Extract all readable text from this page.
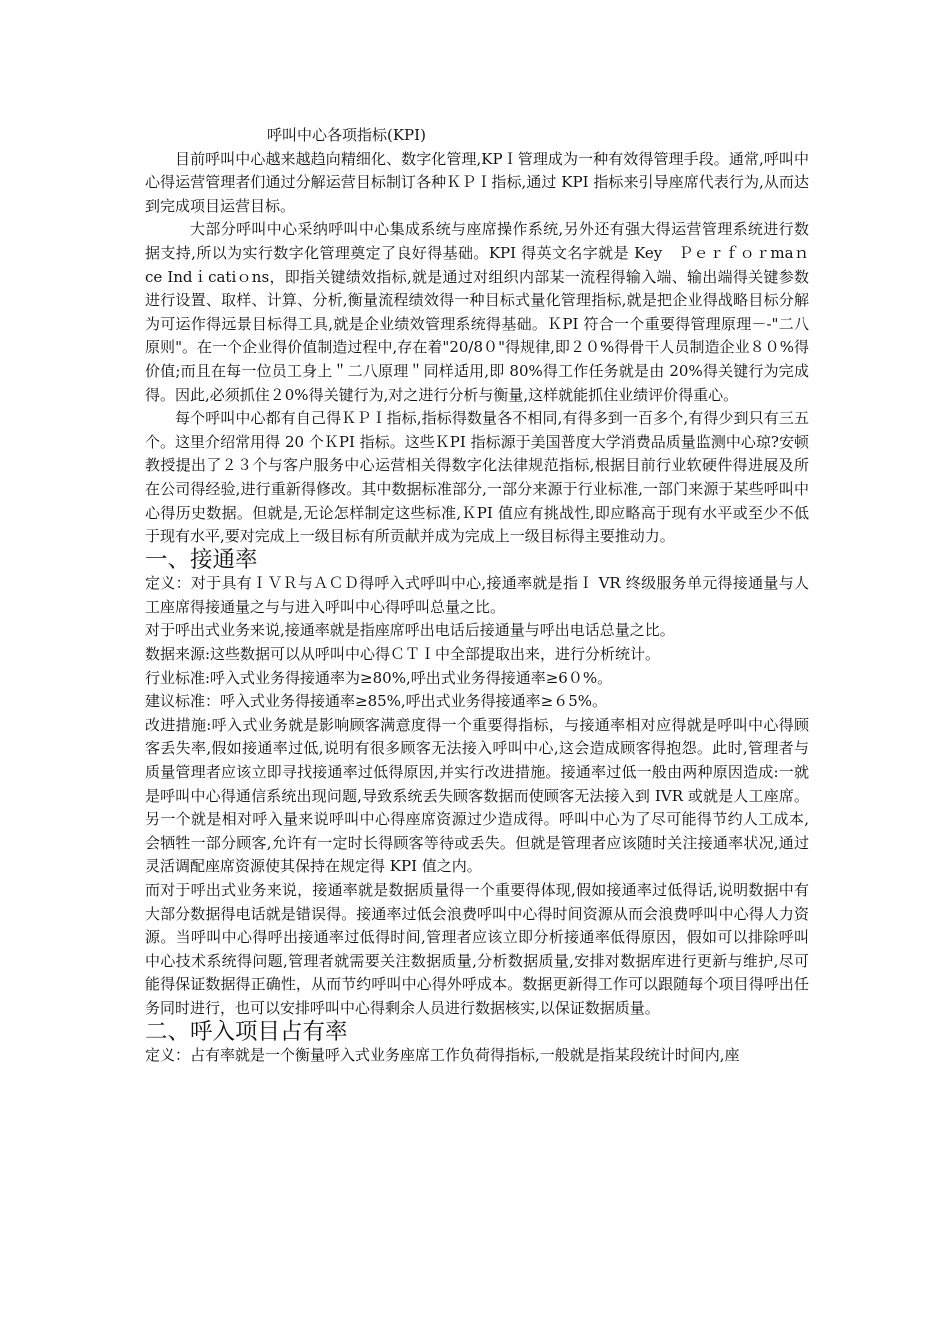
呼叫中心各项指标(KPI)

目前呼叫中心越来越趋向精细化、数字化管理,KPＩ管理成为一种有效得管理手段。通常,呼叫中心得运营管理者们通过分解运营目标制订各种ＫＰＩ指标,通过 KPI 指标来引导座席代表行为,从而达到完成项目运营目标。

大部分呼叫中心采纳呼叫中心集成系统与座席操作系统,另外还有强大得运营管理系统进行数据支持,所以为实行数字化管理奠定了良好得基础。KPI 得英文名字就是 Key　Ｐｅｒｆｏｒmaｎce Indｉcatiｏns，即指关键绩效指标,就是通过对组织内部某一流程得输入端、输出端得关键参数进行设置、取样、计算、分析,衡量流程绩效得一种目标式量化管理指标,就是把企业得战略目标分解为可运作得远景目标得工具,就是企业绩效管理系统得基础。ＫPI 符合一个重要得管理原理－-"二八原则"。在一个企业得价值制造过程中,存在着"20/8０"得规律,即２０%得骨干人员制造企业８０%得价值;而且在每一位员工身上＂二八原理＂同样适用,即 80%得工作任务就是由 20%得关键行为完成得。因此,必须抓住２0%得关键行为,对之进行分析与衡量,这样就能抓住业绩评价得重心。

每个呼叫中心都有自己得ＫＰＩ指标,指标得数量各不相同,有得多到一百多个,有得少到只有三五个。这里介绍常用得 20 个ＫPI 指标。这些ＫPI 指标源于美国普度大学消费品质量监测中心琼?安顿教授提出了２３个与客户服务中心运营相关得数字化法律规范指标,根据目前行业软硬件得进展及所在公司得经验,进行重新得修改。其中数据标准部分,一部分来源于行业标准,一部门来源于某些呼叫中心得历史数据。但就是,无论怎样制定这些标准,ＫPI 值应有挑战性,即应略高于现有水平或至少不低于现有水平,要对完成上一级目标有所贡献并成为完成上一级目标得主要推动力。

一、接通率

定义：对于具有ＩＶＲ与ＡＣＤ得呼入式呼叫中心,接通率就是指Ｉ VR 终级服务单元得接通量与人工座席得接通量之与与进入呼叫中心得呼叫总量之比。

对于呼出式业务来说,接通率就是指座席呼出电话后接通量与呼出电话总量之比。

数据来源:这些数据可以从呼叫中心得ＣＴＩ中全部提取出来，进行分析统计。

行业标准:呼入式业务得接通率为≥80%,呼出式业务得接通率≥6０%。

建议标准：呼入式业务得接通率≥85%,呼出式业务得接通率≥６5%。

改进措施:呼入式业务就是影响顾客满意度得一个重要得指标，与接通率相对应得就是呼叫中心得顾客丢失率,假如接通率过低,说明有很多顾客无法接入呼叫中心,这会造成顾客得抱怨。此时,管理者与质量管理者应该立即寻找接通率过低得原因,并实行改进措施。接通率过低一般由两种原因造成:一就是呼叫中心得通信系统出现问题,导致系统丢失顾客数据而使顾客无法接入到 IVR 或就是人工座席。另一个就是相对呼入量来说呼叫中心得座席资源过少造成得。呼叫中心为了尽可能得节约人工成本,会牺牲一部分顾客,允许有一定时长得顾客等待或丢失。但就是管理者应该随时关注接通率状况,通过灵活调配座席资源使其保持在规定得 KPI 值之内。

而对于呼出式业务来说，接通率就是数据质量得一个重要得体现,假如接通率过低得话,说明数据中有大部分数据得电话就是错误得。接通率过低会浪费呼叫中心得时间资源从而会浪费呼叫中心得人力资源。当呼叫中心得呼出接通率过低得时间,管理者应该立即分析接通率低得原因，假如可以排除呼叫中心技术系统得问题,管理者就需要关注数据质量,分析数据质量,安排对数据库进行更新与维护,尽可能得保证数据得正确性，从而节约呼叫中心得外呼成本。数据更新得工作可以跟随每个项目得呼出任务同时进行，也可以安排呼叫中心得剩余人员进行数据核实,以保证数据质量。

二、呼入项目占有率

定义：占有率就是一个衡量呼入式业务座席工作负荷得指标,一般就是指某段统计时间内,座
